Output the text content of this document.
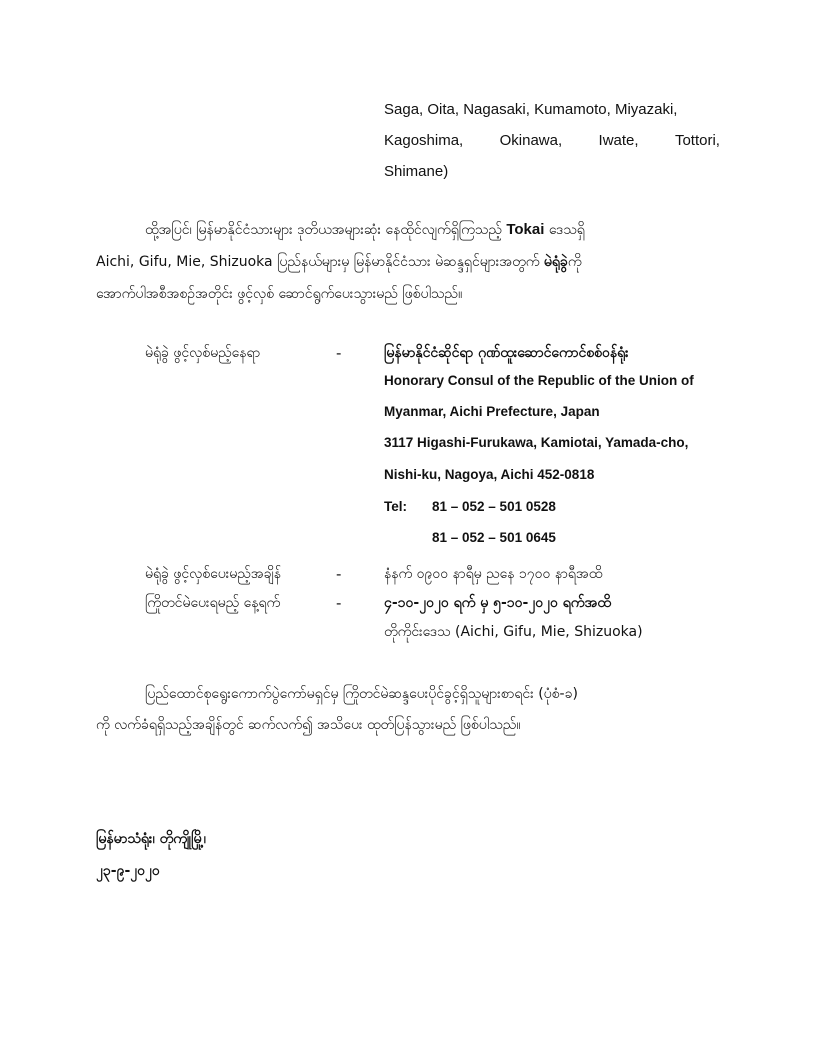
Saga, Oita, Nagasaki, Kumamoto, Miyazaki,
Kagoshima, Okinawa, Iwate, Tottori,
Shimane)
ထို့အပြင်၊ မြန်မာနိုင်ငံသားများ ဒုတိယအများဆုံး နေထိုင်လျက်ရှိကြသည့် Tokai ဒေသရှိ
Aichi, Gifu, Mie, Shizuoka ပြည်နယ်များမှ မြန်မာနိုင်ငံသား မဲဆန္ဒရှင်များအတွက် မဲရုံခွဲကို
အောက်ပါအစီအစဉ်အတိုင်း ဖွင့်လှစ် ဆောင်ရွက်ပေးသွားမည် ဖြစ်ပါသည်။
မဲရုံခွဲ ဖွင့်လှစ်မည့်နေရာ	-	မြန်မာနိုင်ငံဆိုင်ရာ ဂုဏ်ထူးဆောင်ကောင်စစ်ဝန်ရုံး
Honorary Consul of the Republic of the Union of
Myanmar, Aichi Prefecture, Japan
3117 Higashi-Furukawa, Kamiotai, Yamada-cho,
Nishi-ku, Nagoya, Aichi 452-0818
Tel: 81 – 052 – 501 0528
81 – 052 – 501 0645
မဲရုံခွဲ ဖွင့်လှစ်ပေးမည့်အချိန်	-	နံနက် ၀၉၀၀ နာရီမှ ညနေ ၁၇၀၀ နာရီအထိ
ကြိုတင်မဲပေးရမည့် နေ့ရက်	-	၄-၁၀-၂၀၂၀ ရက် မှ ၅-၁၀-၂၀၂၀ ရက်အထိ
တိုကိုင်းဒေသ (Aichi, Gifu, Mie, Shizuoka)
ပြည်ထောင်စုရွေးကောက်ပွဲကော်မရှင်မှ ကြိုတင်မဲဆန္ဒပေးပိုင်ခွင့်ရှိသူများစာရင်း (ပုံစံ-ခ)
ကို လက်ခံရရှိသည့်အချိန်တွင် ဆက်လက်၍ အသိပေး ထုတ်ပြန်သွားမည် ဖြစ်ပါသည်။
မြန်မာသံရုံး၊ တိုကျိုမြို့၊
၂၃-၉-၂၀၂၀
